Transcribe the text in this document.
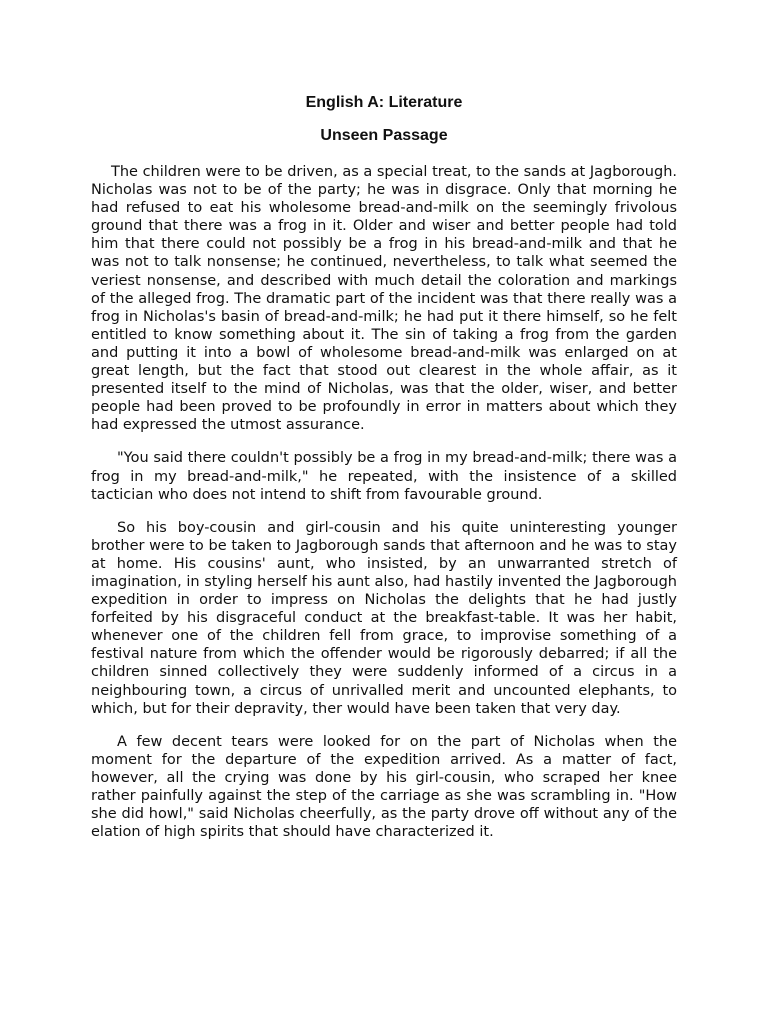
English A: Literature
Unseen Passage

The children were to be driven, as a special treat, to the sands at Jagborough. Nicholas was not to be of the party; he was in disgrace. Only that morning he had refused to eat his wholesome bread-and-milk on the seemingly frivolous ground that there was a frog in it. Older and wiser and better people had told him that there could not possibly be a frog in his bread-and-milk and that he was not to talk nonsense; he continued, nevertheless, to talk what seemed the veriest nonsense, and described with much detail the coloration and markings of the alleged frog. The dramatic part of the incident was that there really was a frog in Nicholas's basin of bread-and-milk; he had put it there himself, so he felt entitled to know something about it. The sin of taking a frog from the garden and putting it into a bowl of wholesome bread-and-milk was enlarged on at great length, but the fact that stood out clearest in the whole affair, as it presented itself to the mind of Nicholas, was that the older, wiser, and better people had been proved to be profoundly in error in matters about which they had expressed the utmost assurance.

"You said there couldn't possibly be a frog in my bread-and-milk; there was a frog in my bread-and-milk," he repeated, with the insistence of a skilled tactician who does not intend to shift from favourable ground.

So his boy-cousin and girl-cousin and his quite uninteresting younger brother were to be taken to Jagborough sands that afternoon and he was to stay at home. His cousins' aunt, who insisted, by an unwarranted stretch of imagination, in styling herself his aunt also, had hastily invented the Jagborough expedition in order to impress on Nicholas the delights that he had justly forfeited by his disgraceful conduct at the breakfast-table. It was her habit, whenever one of the children fell from grace, to improvise something of a festival nature from which the offender would be rigorously debarred; if all the children sinned collectively they were suddenly informed of a circus in a neighbouring town, a circus of unrivalled merit and uncounted elephants, to which, but for their depravity, ther would have been taken that very day.

A few decent tears were looked for on the part of Nicholas when the moment for the departure of the expedition arrived. As a matter of fact, however, all the crying was done by his girl-cousin, who scraped her knee rather painfully against the step of the carriage as she was scrambling in. "How she did howl," said Nicholas cheerfully, as the party drove off without any of the elation of high spirits that should have characterized it.
